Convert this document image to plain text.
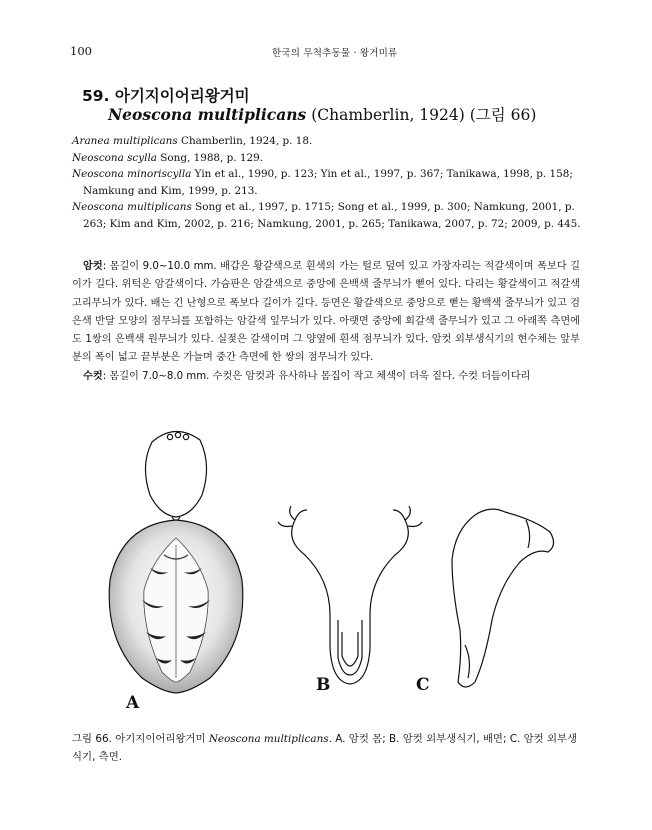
100	한국의 무척추동물 · 왕거미류
59. 아기지이어리왕거미
Neoscona multiplicans (Chamberlin, 1924) (그림 66)

Aranea multiplicans Chamberlin, 1924, p. 18.

Neoscona scylla Song, 1988, p. 129.

Neoscona minoriscylla Yin et al., 1990, p. 123; Yin et al., 1997, p. 367; Tanikawa, 1998, p. 158; Namkung and Kim, 1999, p. 213.

Neoscona multiplicans Song et al., 1997, p. 1715; Song et al., 1999, p. 300; Namkung, 2001, p. 263; Kim and Kim, 2002, p. 216; Namkung, 2001, p. 265; Tanikawa, 2007, p. 72; 2009, p. 445.

암컷: 몸길이 9.0~10.0 mm. 배갑은 황갈색으로 흰색의 가는 털로 덮여 있고 가장자리는 적갈색이며 폭보다 길이가 길다. 위턱은 암갈색이다. 가슴판은 암갈색으로 중앙에 은백색 줄무늬가 뻗어 있다. 다리는 황갈색이고 적갈색 고리무늬가 있다. 배는 긴 난형으로 폭보다 길이가 길다. 등면은 황갈색으로 중앙으로 뻗는 황백색 줄무늬가 있고 검은색 반달 모양의 점무늬를 포함하는 암갈색 잎무늬가 있다. 아랫면 중앙에 회갈색 줄무늬가 있고 그 아래쪽 측면에도 1쌍의 은백색 원무늬가 있다. 실젖은 갈색이며 그 양옆에 흰색 점무늬가 있다. 암컷 외부생식기의 현수체는 앞부분의 폭이 넓고 끝부분은 가늘며 중간 측면에 한 쌍의 점무늬가 있다.

수컷: 몸길이 7.0~8.0 mm. 수컷은 암컷과 유사하나 몸집이 작고 체색이 더욱 짙다. 수컷 더듬이다리

A
B	C
그림 66. 아기지이어리왕거미 Neoscona multiplicans. A. 암컷 몸; B. 암컷 외부생식기, 배면; C. 암컷 외부생식기, 측면.
